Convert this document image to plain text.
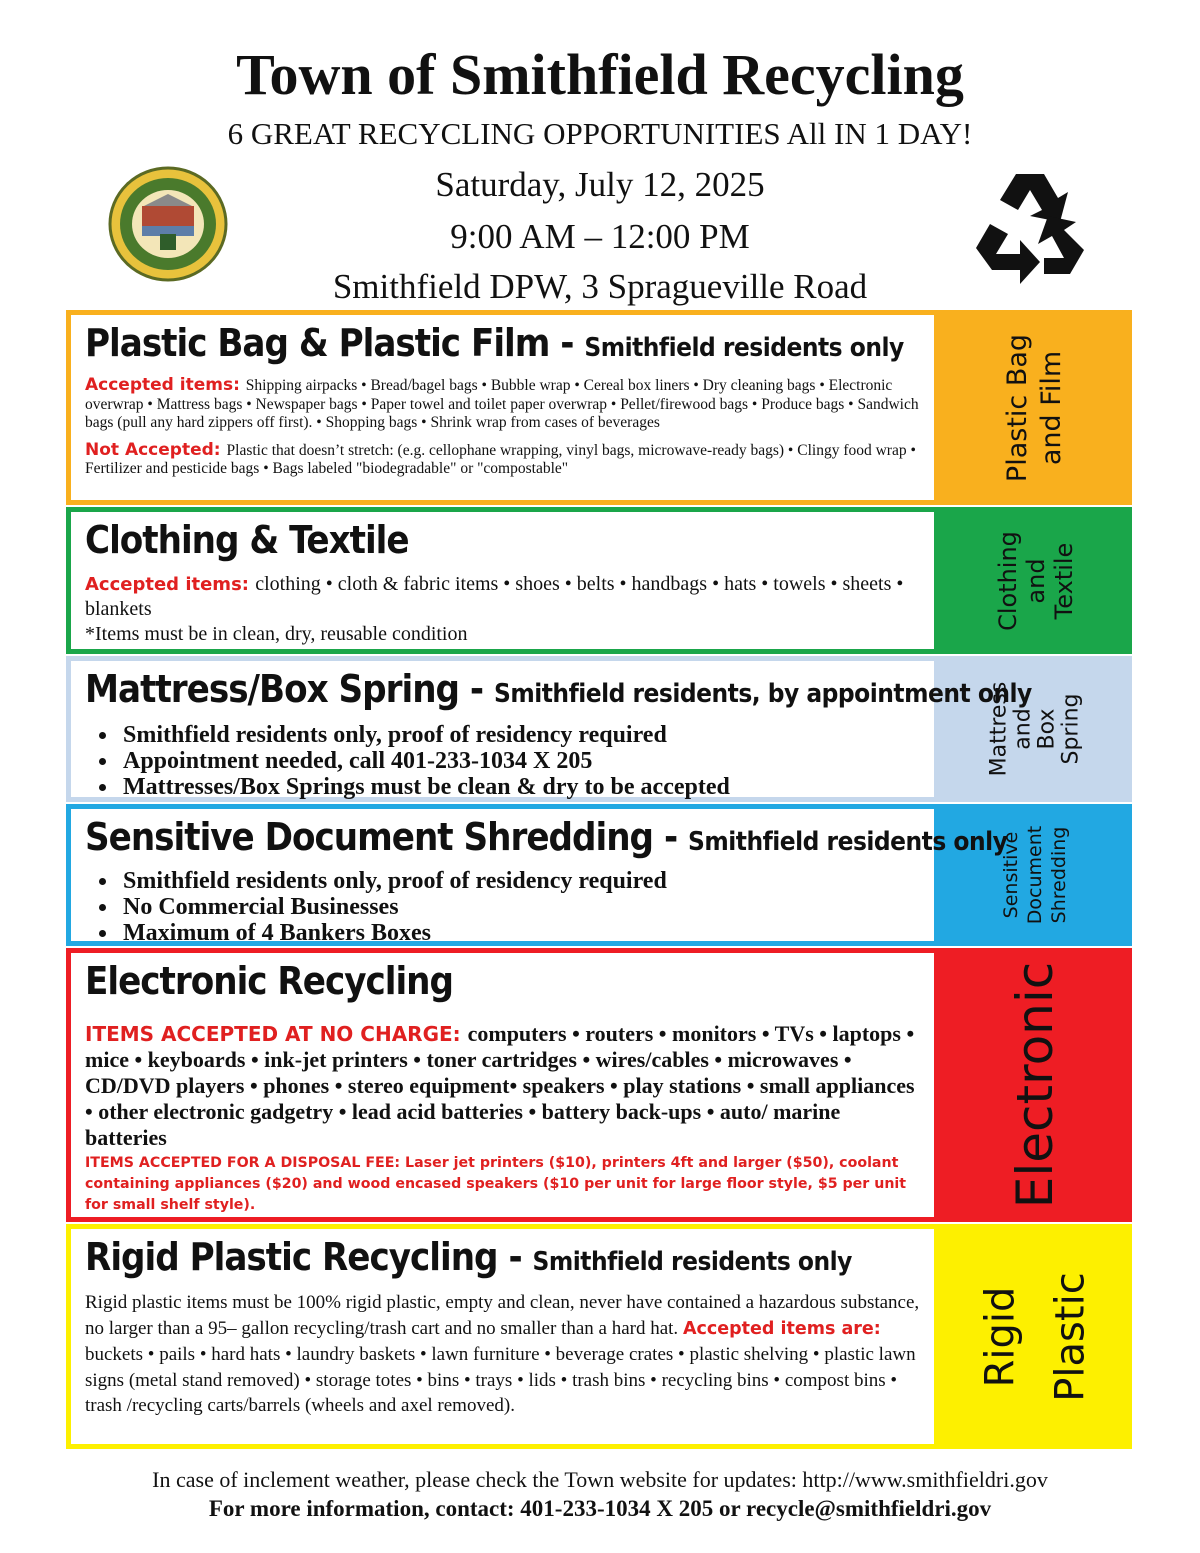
Town of Smithfield Recycling
6 GREAT RECYCLING OPPORTUNITIES All IN 1 DAY!
Saturday, July 12, 2025
9:00 AM – 12:00 PM
Smithfield DPW, 3 Spragueville Road
Plastic Bag & Plastic Film - Smithfield residents only

Accepted items: Shipping airpacks • Bread/bagel bags • Bubble wrap • Cereal box liners • Dry cleaning bags • Electronic overwrap • Mattress bags • Newspaper bags • Paper towel and toilet paper overwrap • Pellet/firewood bags • Produce bags • Sandwich bags (pull any hard zippers off first). • Shopping bags • Shrink wrap from cases of beverages

Not Accepted: Plastic that doesn’t stretch: (e.g. cellophane wrapping, vinyl bags, microwave-ready bags) • Clingy food wrap • Fertilizer and pesticide bags • Bags labeled "biodegradable" or "compostable"	Plastic Bag and Film
Clothing & Textile

Accepted items: clothing • cloth & fabric items • shoes • belts • handbags • hats • towels • sheets • blankets

*Items must be in clean, dry, reusable condition

Clothing and Textile
Mattress/Box Spring - Smithfield residents, by appointment only
• Smithfield residents only, proof of residency required
• Appointment needed, call 401-233-1034 X 205
• Mattresses/Box Springs must be clean & dry to be accepted
Mattress and Box Spring
Sensitive Document Shredding - Smithfield residents only
• Smithfield residents only, proof of residency required
• No Commercial Businesses
• Maximum of 4 Bankers Boxes
Sensitive Document Shredding
Electronic Recycling

ITEMS ACCEPTED AT NO CHARGE: computers • routers • monitors • TVs • laptops • mice • keyboards • ink-jet printers • toner cartridges • wires/cables • microwaves • CD/DVD players • phones • stereo equipment• speakers • play stations • small appliances • other electronic gadgetry • lead acid batteries • battery back-ups • auto/ marine batteries

ITEMS ACCEPTED FOR A DISPOSAL FEE: Laser jet printers ($10), printers 4ft and larger ($50), coolant containing appliances ($20) and wood encased speakers ($10 per unit for large floor style, $5 per unit for small shelf style).	Electronic
Rigid Plastic Recycling - Smithfield residents only

Rigid plastic items must be 100% rigid plastic, empty and clean, never have contained a hazardous substance, no larger than a 95– gallon recycling/trash cart and no smaller than a hard hat. Accepted items are: buckets • pails • hard hats • laundry baskets • lawn furniture • beverage crates • plastic shelving • plastic lawn signs (metal stand removed) • storage totes • bins • trays • lids • trash bins • recycling bins • compost bins • trash /recycling carts/barrels (wheels and axel removed).

Rigid Plastic
In case of inclement weather, please check the Town website for updates: http://www.smithfieldri.gov
For more information, contact: 401-233-1034 X 205 or recycle@smithfieldri.gov
